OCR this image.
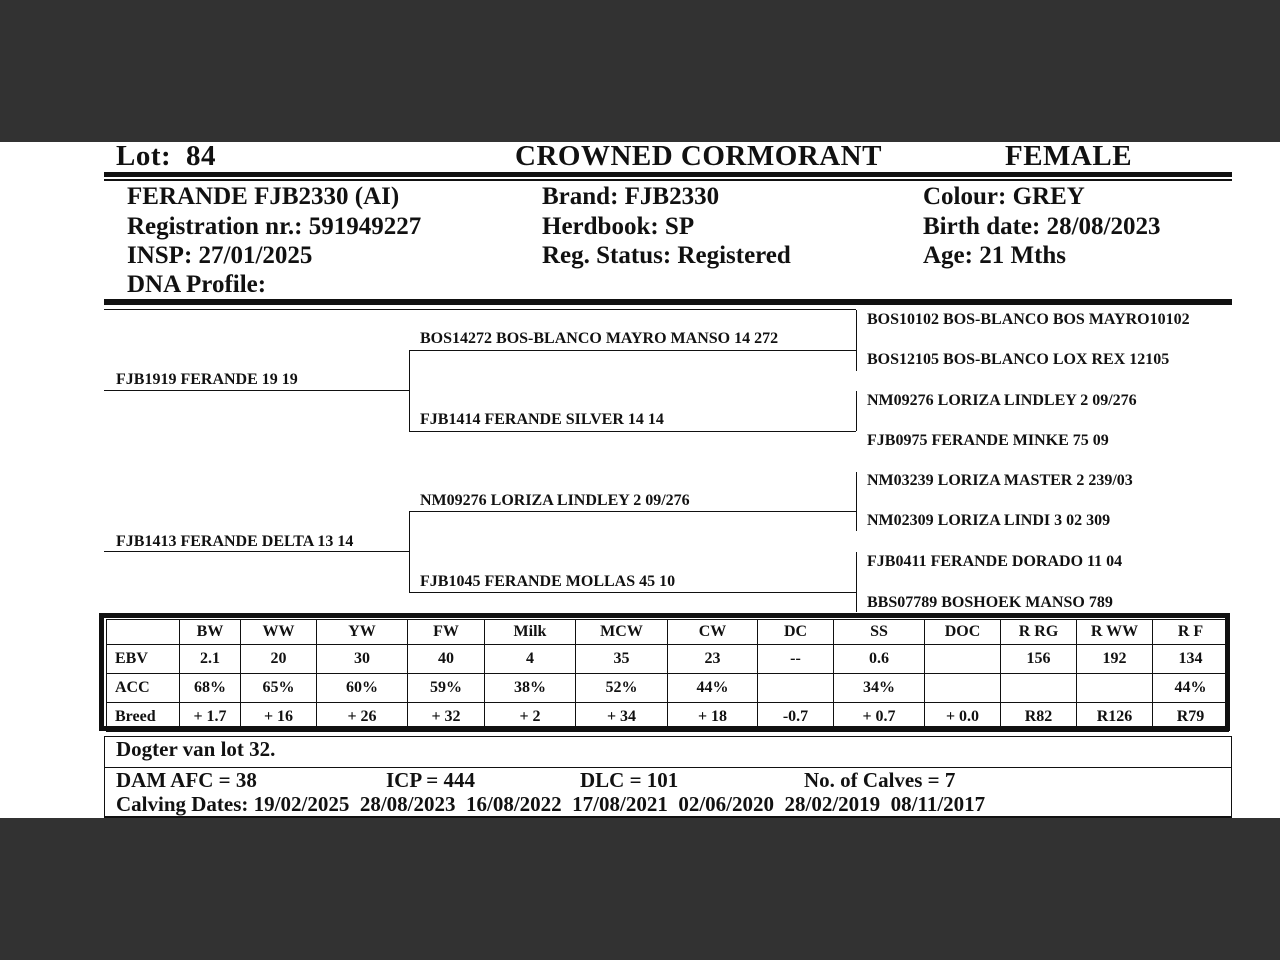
Lot: 84	CROWNED CORMORANT	FEMALE
FERANDE FJB2330 (AI)
Registration nr.: 591949227
INSP: 27/01/2025
DNA Profile:
Brand: FJB2330
Herdbook: SP
Reg. Status: Registered
Colour: GREY
Birth date: 28/08/2023
Age: 21 Mths
FJB1919 FERANDE 19 19
FJB1413 FERANDE DELTA 13 14
BOS14272 BOS-BLANCO MAYRO MANSO 14 272
FJB1414 FERANDE SILVER 14 14
NM09276 LORIZA LINDLEY 2 09/276
FJB1045 FERANDE MOLLAS 45 10
BOS10102 BOS-BLANCO BOS MAYRO10102
BOS12105 BOS-BLANCO LOX REX 12105
NM09276 LORIZA LINDLEY 2 09/276
FJB0975 FERANDE MINKE 75 09
NM03239 LORIZA MASTER 2 239/03
NM02309 LORIZA LINDI 3 02 309
FJB0411 FERANDE DORADO 11 04
BBS07789 BOSHOEK MANSO 789
	BW	WW	YW	FW	Milk	MCW	CW	DC	SS	DOC	R RG	R WW	R F
EBV	2.1	20	30	40	4	35	23	--	0.6		156	192	134
ACC	68%	65%	60%	59%	38%	52%	44%		34%				44%
Breed	+ 1.7	+ 16	+ 26	+ 32	+ 2	+ 34	+ 18	-0.7	+ 0.7	+ 0.0	R82	R126	R79
Dogter van lot 32.
DAM AFC = 38	ICP = 444	DLC = 101	No. of Calves = 7
Calving Dates: 19/02/2025  28/08/2023  16/08/2022  17/08/2021  02/06/2020  28/02/2019  08/11/2017
